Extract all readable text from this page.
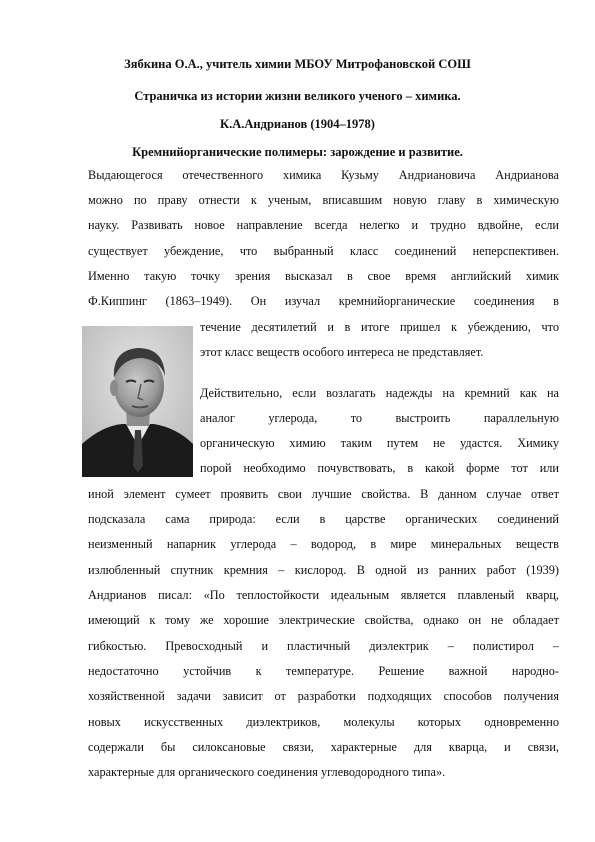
Зябкина О.А., учитель химии МБОУ Митрофановской СОШ
Страничка из истории жизни великого ученого – химика.
К.А.Андрианов (1904–1978)
Кремнийорганические полимеры: зарождение и развитие.
Выдающегося отечественного химика Кузьму Андриановича Андрианова
можно по праву отнести к ученым, вписавшим новую главу в химическую
науку. Развивать новое направление всегда нелегко и трудно вдвойне, если
существует убеждение, что выбранный класс соединений неперспективен.
Именно такую точку зрения высказал в свое время английский химик
Ф.Киппинг (1863–1949). Он изучал кремнийорганические соединения в
течение десятилетий и в итоге пришел к убеждению, что
этот класс веществ особого интереса не представляет.
Действительно, если возлагать надежды на кремний как на
аналог углерода, то выстроить параллельную
органическую химию таким путем не удастся. Химику
порой необходимо почувствовать, в какой форме тот или
иной элемент сумеет проявить свои лучшие свойства. В данном случае ответ
подсказала сама природа: если в царстве органических соединений
неизменный напарник углерода – водород, в мире минеральных веществ
излюбленный спутник кремния – кислород. В одной из ранних работ (1939)
Андрианов писал: «По теплостойкости идеальным является плавленый кварц,
имеющий к тому же хорошие электрические свойства, однако он не обладает
гибкостью. Превосходный и пластичный диэлектрик – полистирол –
недостаточно устойчив к температуре. Решение важной народно-
хозяйственной задачи зависит от разработки подходящих способов получения
новых искусственных диэлектриков, молекулы которых одновременно
содержали бы силоксановые связи, характерные для кварца, и связи,
характерные для органического соединения углеводородного типа».
